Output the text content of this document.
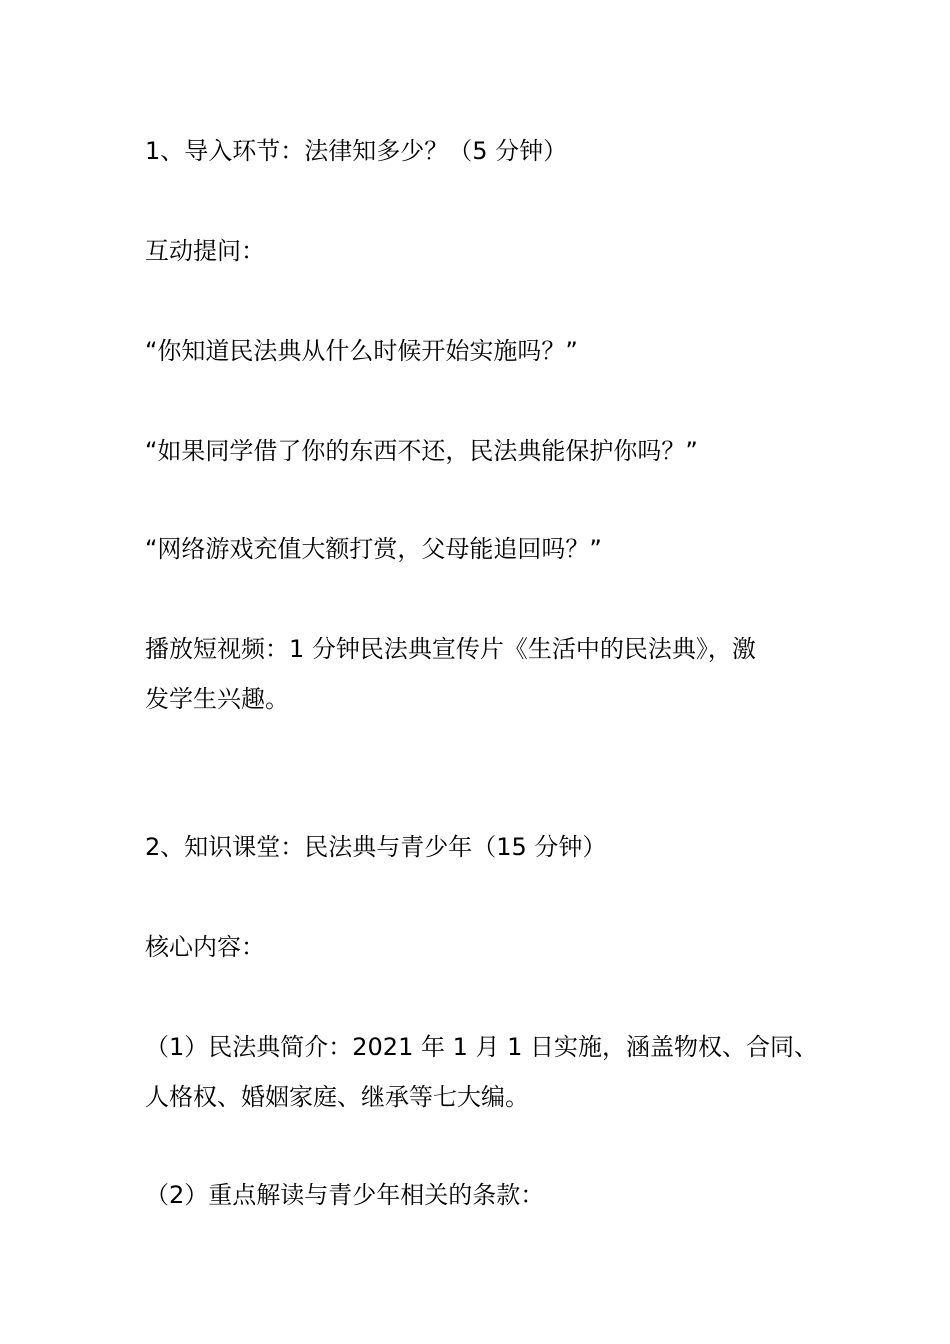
1、导入环节：法律知多少？（5 分钟）
互动提问：
“你知道民法典从什么时候开始实施吗？”
“如果同学借了你的东西不还，民法典能保护你吗？”
“网络游戏充值大额打赏，父母能追回吗？”
播放短视频：1 分钟民法典宣传片《生活中的民法典》，激
发学生兴趣。
2、知识课堂：民法典与青少年（15 分钟）
核心内容：
（1）民法典简介：2021 年 1 月 1 日实施，涵盖物权、合同、
人格权、婚姻家庭、继承等七大编。
（2）重点解读与青少年相关的条款：
